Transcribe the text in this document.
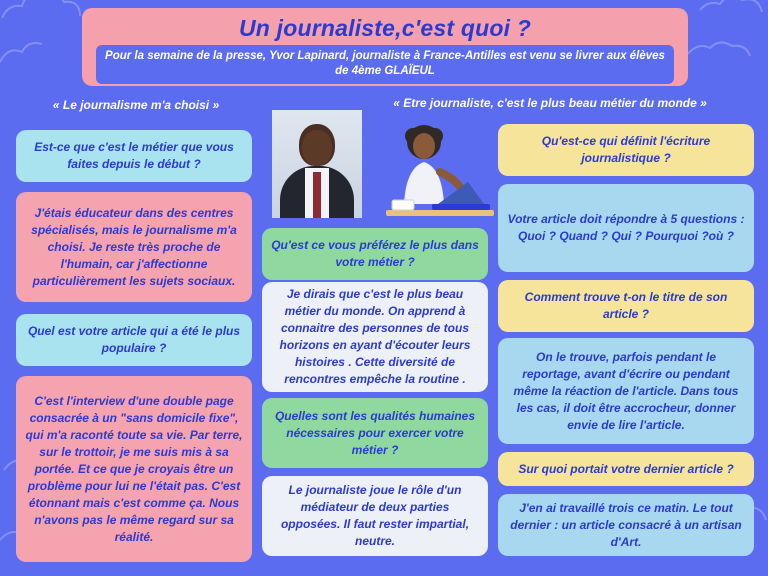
Un journaliste,c'est quoi ?
Pour la semaine de la presse, Yvor Lapinard, journaliste à France-Antilles est venu se livrer aux élèves de 4ème GLAÏEUL
« Le journalisme m'a choisi »	« Etre journaliste, c'est le plus beau métier du monde »
Est-ce que c'est le métier que vous faites depuis le début ?
J'étais éducateur dans des centres spécialisés, mais le journalisme m'a choisi. Je reste très proche de l'humain, car j'affectionne particulièrement les sujets sociaux.
Quel est votre article qui a été le plus populaire ?
C'est l'interview d'une double page consacrée à un "sans domicile fixe", qui m'a raconté toute sa vie. Par terre, sur le trottoir, je me suis mis à sa portée. Et ce que je croyais être un problème pour lui ne l'était pas. C'est étonnant mais c'est comme ça. Nous n'avons pas le même regard sur sa réalité.
Qu'est ce vous préférez le plus dans votre métier ?
Je dirais que c'est le plus beau métier du monde. On apprend à connaitre des personnes de tous horizons en ayant d'écouter leurs histoires . Cette diversité de rencontres empêche la routine .
Quelles sont les qualités humaines nécessaires pour exercer votre métier ?
Le journaliste joue le rôle d'un médiateur de deux parties opposées. Il faut rester impartial, neutre.
Qu'est-ce qui définit l'écriture journalistique ?
Votre article doit répondre à 5 questions : Quoi ? Quand ? Qui ? Pourquoi ?où ?
Comment trouve t-on le titre de son article ?
On le trouve, parfois pendant le reportage, avant d'écrire ou pendant même la réaction de l'article. Dans tous les cas, il doit être accrocheur, donner envie de lire l'article.
Sur quoi portait votre dernier article ?
J'en ai travaillé trois ce matin. Le tout dernier : un article consacré à un artisan d'Art.
